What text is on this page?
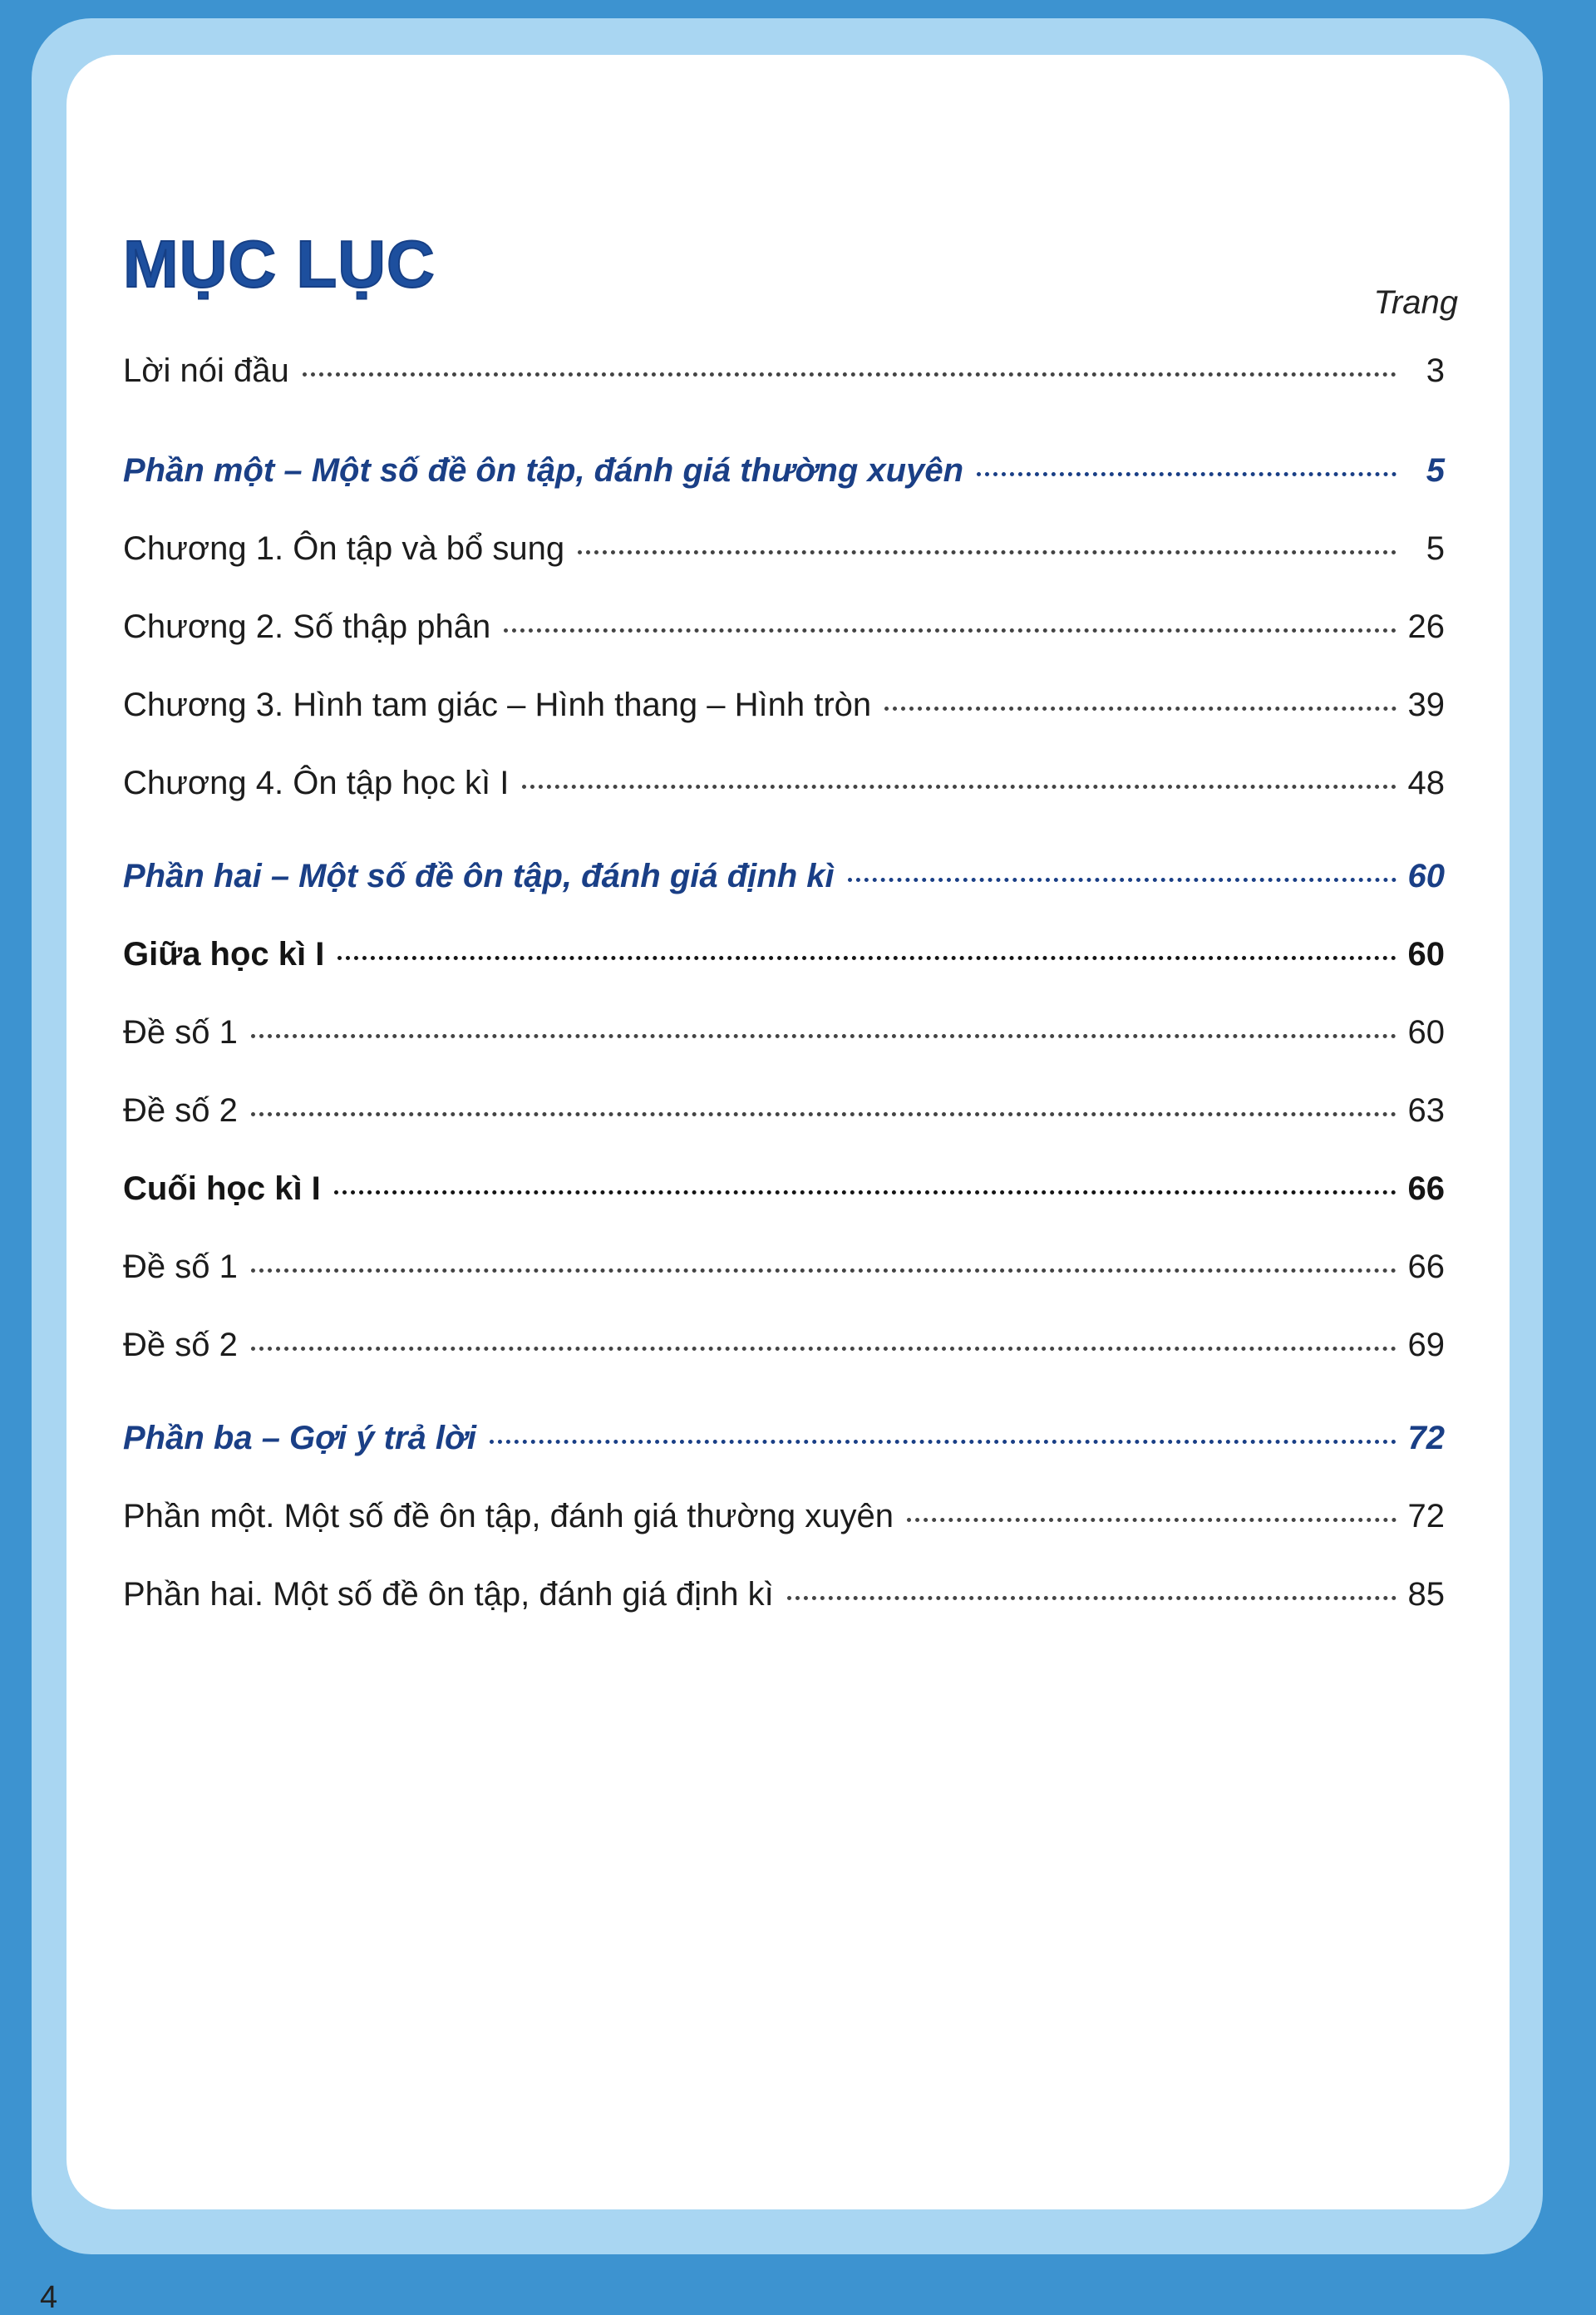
MỤC LỤC
Trang
Lời nói đầu	3
Phần một – Một số đề ôn tập, đánh giá thường xuyên	5
Chương 1. Ôn tập và bổ sung	5
Chương 2. Số thập phân	26
Chương 3. Hình tam giác – Hình thang – Hình tròn	39
Chương 4. Ôn tập học kì I	48
Phần hai – Một số đề ôn tập, đánh giá định kì	60
Giữa học kì I	60
Đề số 1	60
Đề số 2	63
Cuối học kì I	66
Đề số 1	66
Đề số 2	69
Phần ba – Gợi ý trả lời	72
Phần một. Một số đề ôn tập, đánh giá thường xuyên	72
Phần hai. Một số đề ôn tập, đánh giá định kì	85
4
